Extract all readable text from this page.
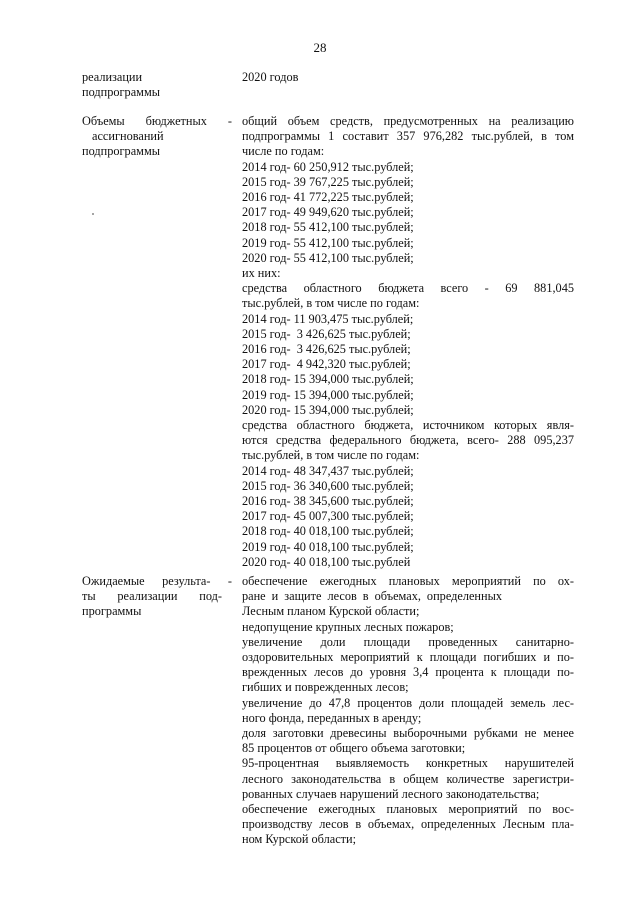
28
реализации
подпрограммы
2020 годов
Объемы бюджетных -
ассигнований
подпрограммы
общий объем средств, предусмотренных на реализацию
подпрограммы 1 составит 357 976,282 тыс.рублей, в том
числе по годам:
2014 год- 60 250,912 тыс.рублей;
2015 год- 39 767,225 тыс.рублей;
2016 год- 41 772,225 тыс.рублей;
2017 год- 49 949,620 тыс.рублей;
2018 год- 55 412,100 тыс.рублей;
2019 год- 55 412,100 тыс.рублей;
2020 год- 55 412,100 тыс.рублей;
их них:
средства областного бюджета всего - 69 881,045
тыс.рублей, в том числе по годам:
2014 год- 11 903,475 тыс.рублей;
2015 год-  3 426,625 тыс.рублей;
2016 год-  3 426,625 тыс.рублей;
2017 год-  4 942,320 тыс.рублей;
2018 год- 15 394,000 тыс.рублей;
2019 год- 15 394,000 тыс.рублей;
2020 год- 15 394,000 тыс.рублей;
средства областного бюджета, источником которых явля-
ются средства федерального бюджета, всего- 288 095,237
тыс.рублей, в том числе по годам:
2014 год- 48 347,437 тыс.рублей;
2015 год- 36 340,600 тыс.рублей;
2016 год- 38 345,600 тыс.рублей;
2017 год- 45 007,300 тыс.рублей;
2018 год- 40 018,100 тыс.рублей;
2019 год- 40 018,100 тыс.рублей;
2020 год- 40 018,100 тыс.рублей
Ожидаемые результа- -
ты реализации под-
программы
обеспечение ежегодных плановых мероприятий по ох-
ране и защите лесов в объемах, определенных
Лесным планом Курской области;
недопущение крупных лесных пожаров;
увеличение доли площади проведенных санитарно-
оздоровительных мероприятий к площади погибших и по-
врежденных лесов до уровня 3,4 процента к площади по-
гибших и поврежденных лесов;
увеличение до 47,8 процентов доли площадей земель лес-
ного фонда, переданных в аренду;
доля заготовки древесины выборочными рубками не менее
85 процентов от общего объема заготовки;
95-процентная выявляемость конкретных нарушителей
лесного законодательства в общем количестве зарегистри-
рованных случаев нарушений лесного законодательства;
обеспечение ежегодных плановых мероприятий по вос-
производству лесов в объемах, определенных Лесным пла-
ном Курской области;
